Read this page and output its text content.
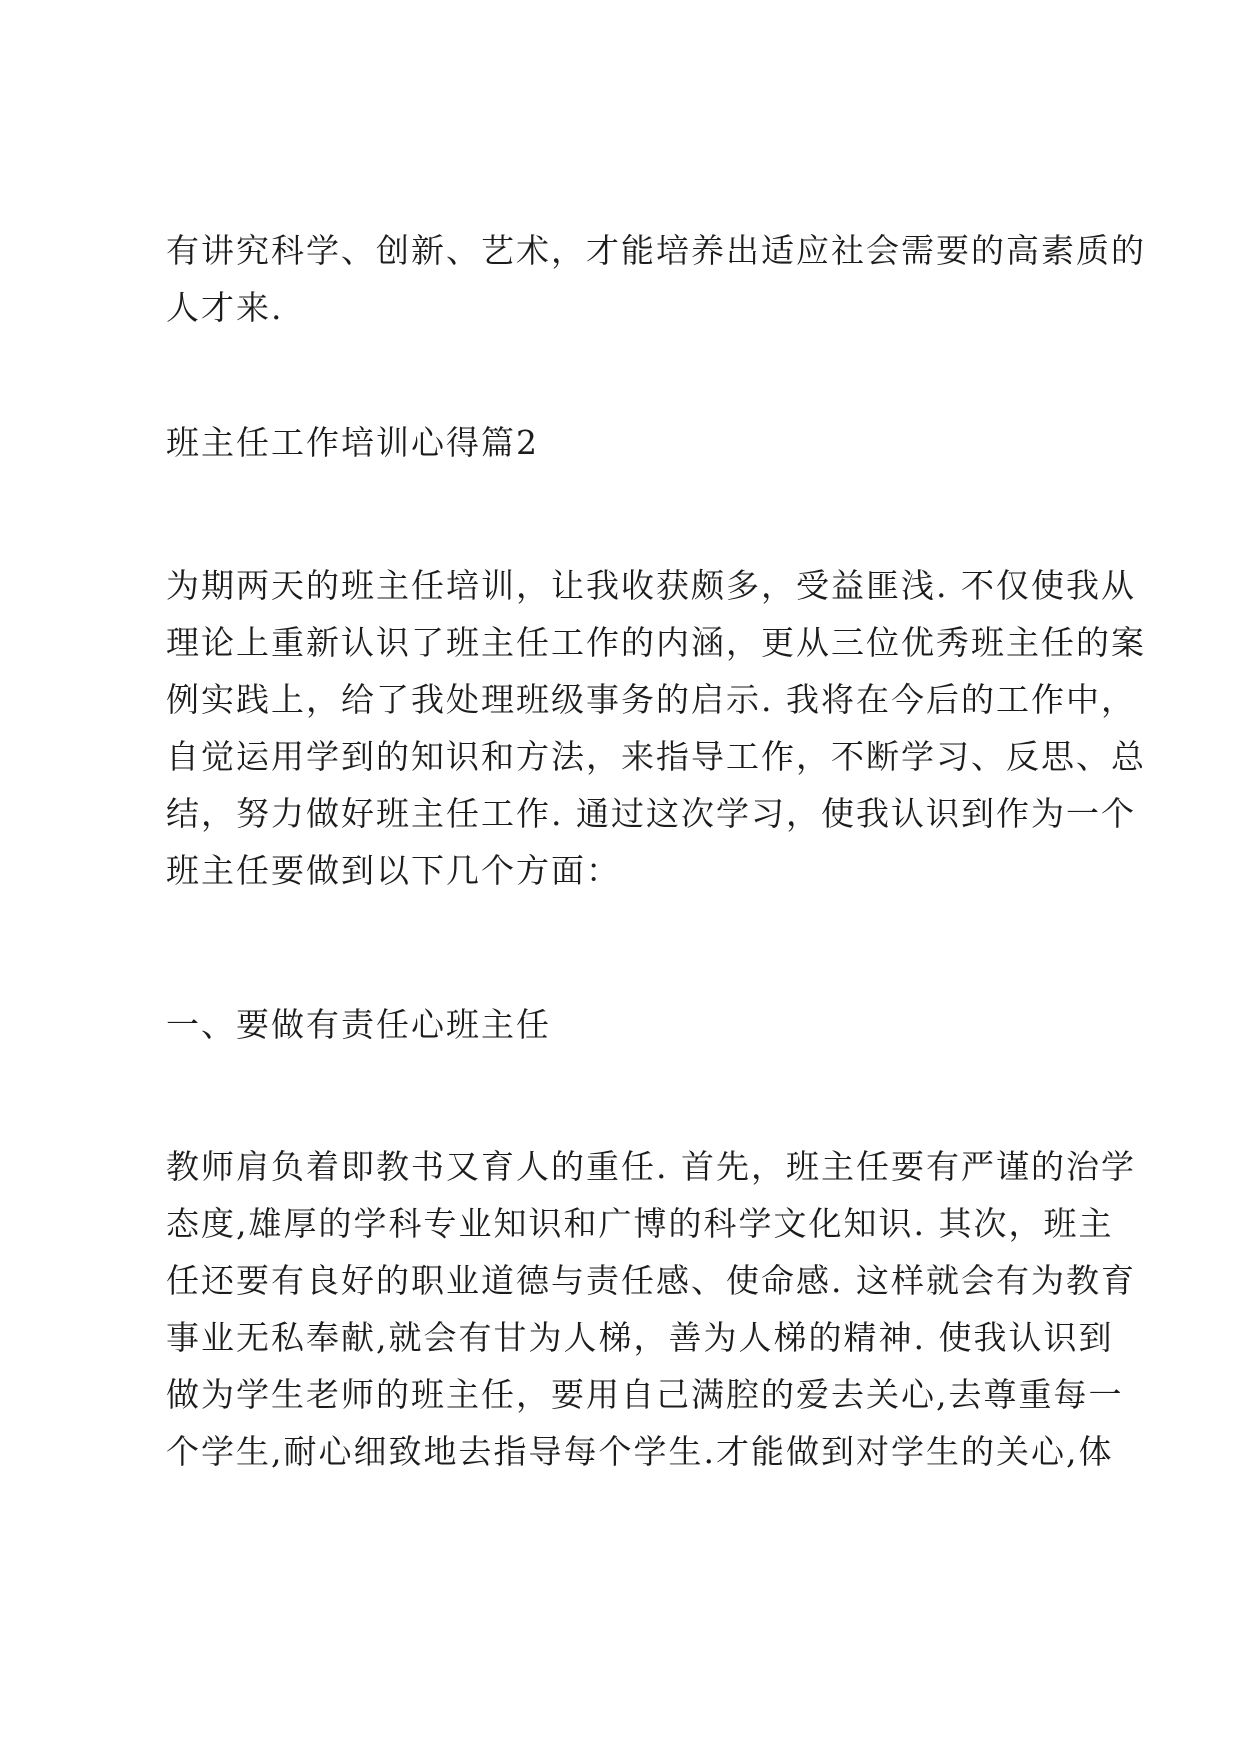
有讲究科学、创新、艺术，才能培养出适应社会需要的高素质的
人才来.

班主任工作培训心得篇2

为期两天的班主任培训，让我收获颇多，受益匪浅. 不仅使我从
理论上重新认识了班主任工作的内涵，更从三位优秀班主任的案
例实践上，给了我处理班级事务的启示. 我将在今后的工作中，
自觉运用学到的知识和方法，来指导工作，不断学习、反思、总
结，努力做好班主任工作. 通过这次学习，使我认识到作为一个
班主任要做到以下几个方面：

一、要做有责任心班主任

教师肩负着即教书又育人的重任. 首先，班主任要有严谨的治学
态度,雄厚的学科专业知识和广博的科学文化知识. 其次，班主
任还要有良好的职业道德与责任感、使命感. 这样就会有为教育
事业无私奉献,就会有甘为人梯，善为人梯的精神. 使我认识到
做为学生老师的班主任，要用自己满腔的爱去关心,去尊重每一
个学生,耐心细致地去指导每个学生.才能做到对学生的关心,体
